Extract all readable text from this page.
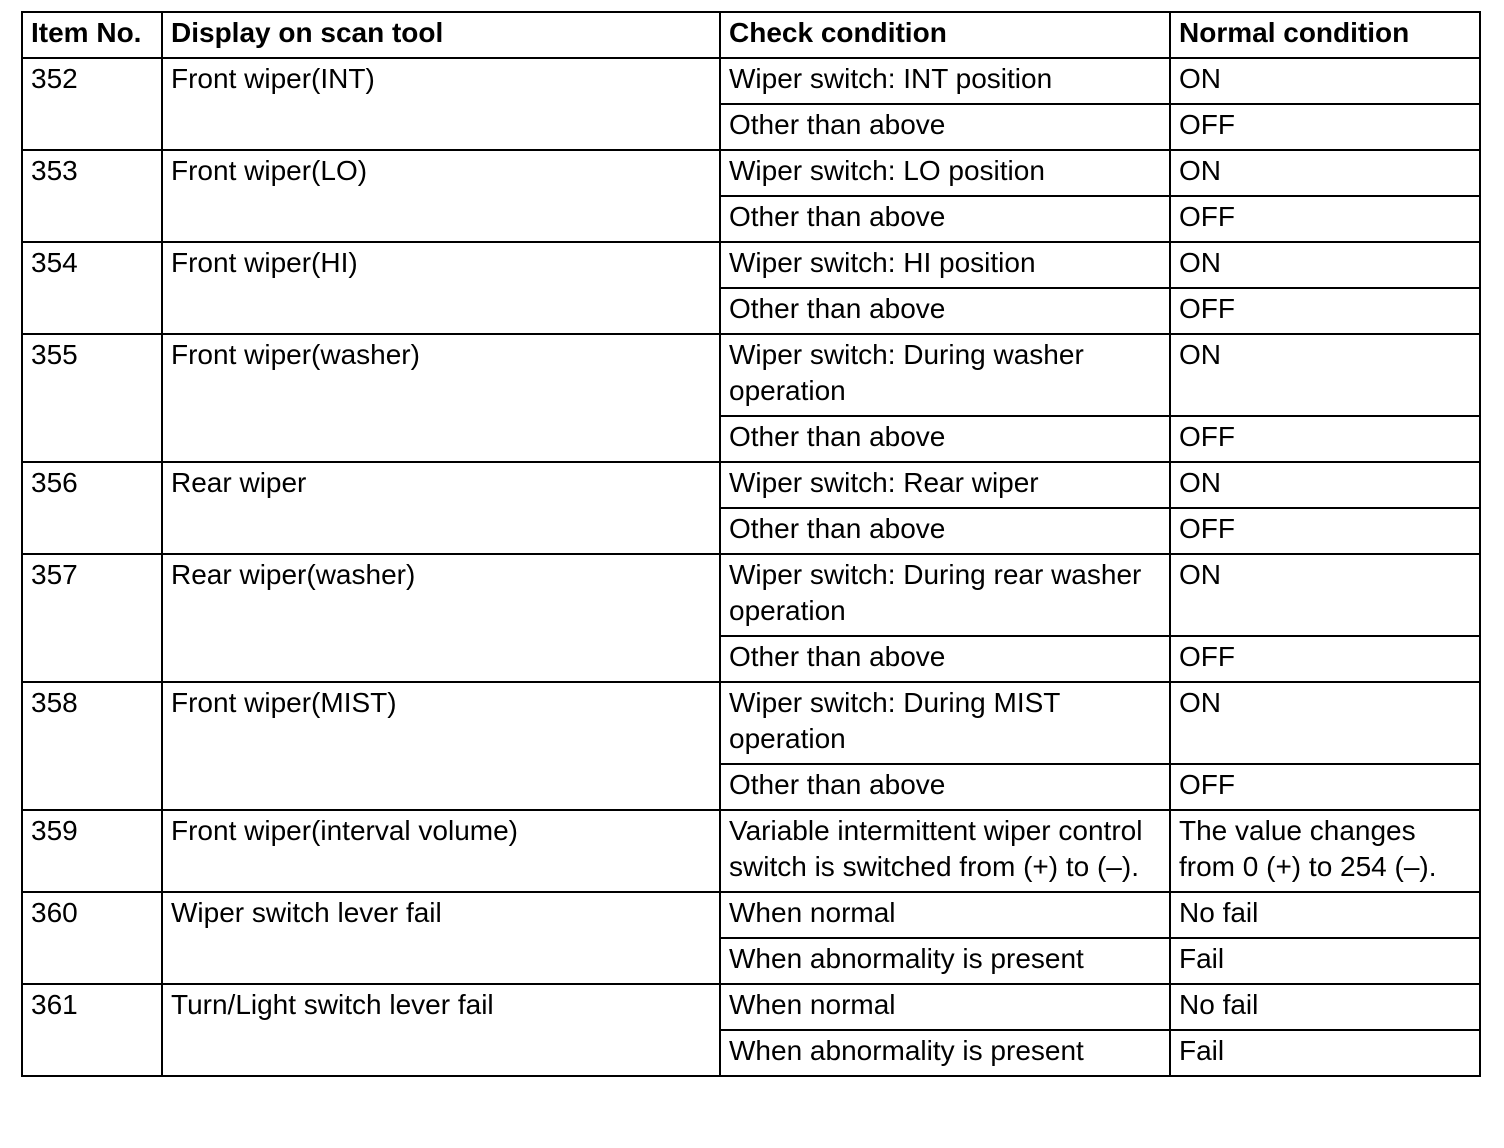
Item No.	Display on scan tool	Check condition	Normal condition
352	Front wiper(INT)	Wiper switch: INT position	ON
		Other than above	OFF
353	Front wiper(LO)	Wiper switch: LO position	ON
		Other than above	OFF
354	Front wiper(HI)	Wiper switch: HI position	ON
		Other than above	OFF
355	Front wiper(washer)	Wiper switch: During washer operation	ON
		Other than above	OFF
356	Rear wiper	Wiper switch: Rear wiper	ON
		Other than above	OFF
357	Rear wiper(washer)	Wiper switch: During rear washer operation	ON
		Other than above	OFF
358	Front wiper(MIST)	Wiper switch: During MIST operation	ON
		Other than above	OFF
359	Front wiper(interval volume)	Variable intermittent wiper control switch is switched from (+) to (–).	The value changes from 0 (+) to 254 (–).
360	Wiper switch lever fail	When normal	No fail
		When abnormality is present	Fail
361	Turn/Light switch lever fail	When normal	No fail
		When abnormality is present	Fail
